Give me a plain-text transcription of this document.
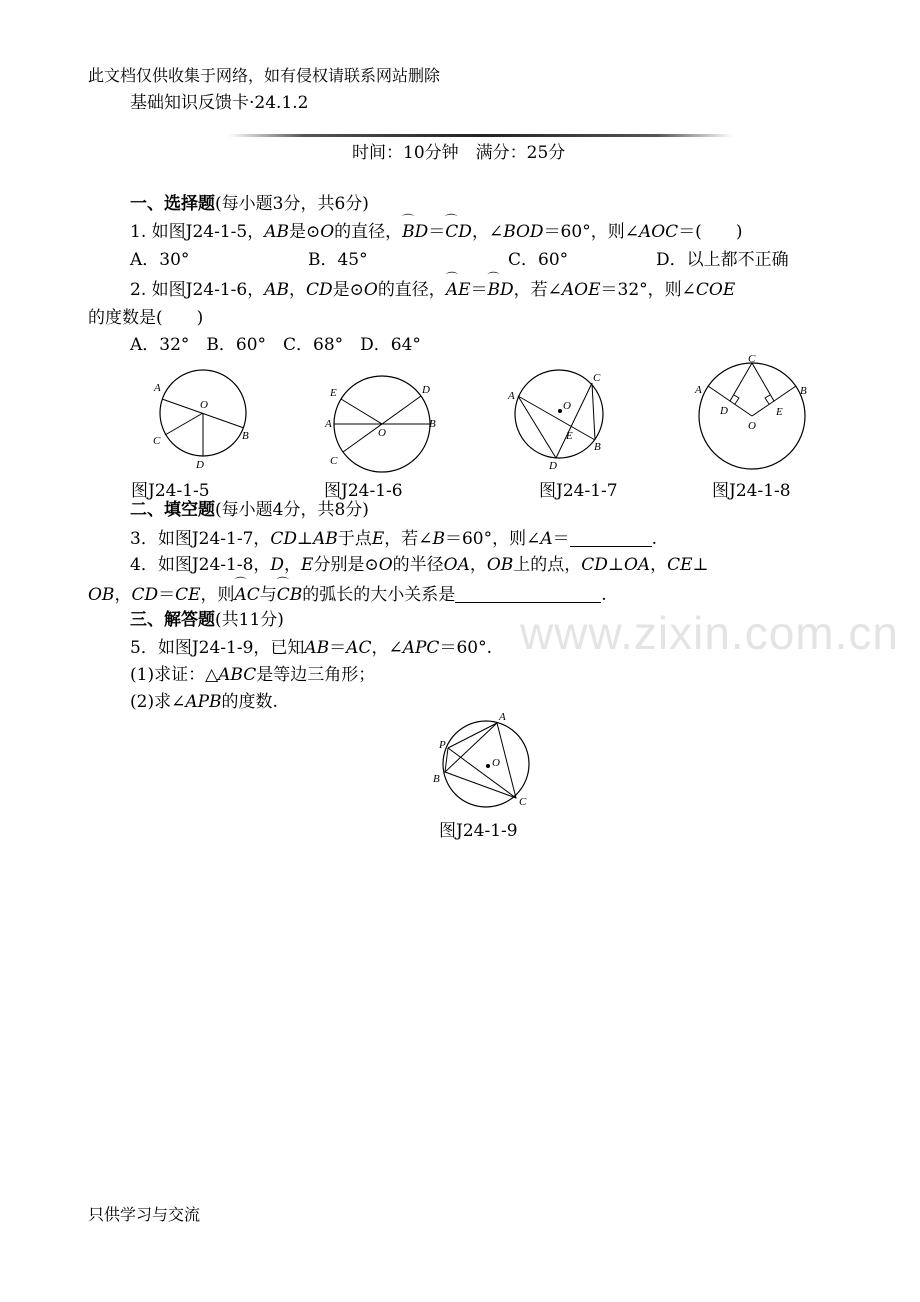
此文档仅供收集于网络，如有侵权请联系网站删除
基础知识反馈卡·24.1.2
时间：10分钟　满分：25分
www.zixin.com.cn
一、选择题(每小题3分，共6分)
1. 如图J24-1-5，AB是⊙O的直径，⌒ BD＝⌒ CD，∠BOD＝60°，则∠AOC＝(　　)
A．30°	B．45°	C．60°	D．以上都不正确
2. 如图J24-1-6，AB，CD是⊙O的直径，⌒ AE＝⌒ BD，若∠AOE＝32°，则∠COE
的度数是(　　)
A．32°　B．60°　C．68°　D．64°
A
O
C	B
D
图J24-1-5
E	D
A
O
B
C
图J24-1-6
A
O
C
E
B
D
图J24-1-7
C
A	B
D	E
O
图J24-1-8
二、填空题(每小题4分，共8分)
3．如图J24-1-7，CD⊥AB于点E，若∠B＝60°，则∠A＝	.
4．如图J24-1-8，D，E分别是⊙O的半径OA，OB上的点，CD⊥OA，CE⊥
OB，CD＝CE，则⌒ AC与⌒ CB的弧长的大小关系是	.
三、解答题(共11分)
5．如图J24-1-9，已知AB＝AC，∠APC＝60°.
(1)求证：△ABC是等边三角形；
(2)求∠APB的度数.
A
P
O
B
C
图J24-1-9
只供学习与交流
